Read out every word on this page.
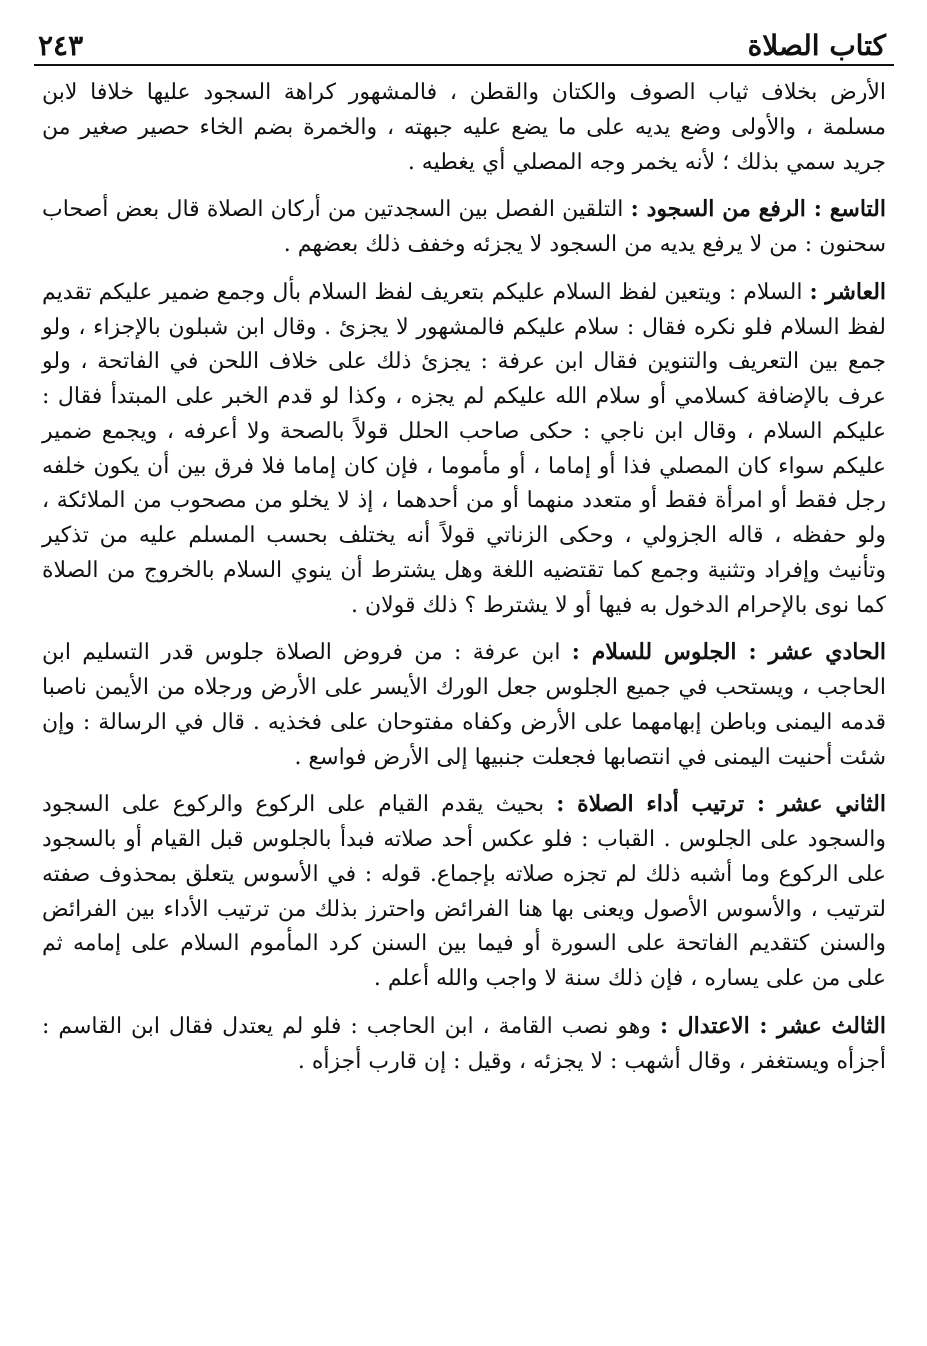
كتاب الصلاة
٢٤٣

الأرض بخلاف ثياب الصوف والكتان والقطن ، فالمشهور كراهة السجود عليها خلافا لابن مسلمة ، والأولى وضع يديه على ما يضع عليه جبهته ، والخمرة بضم الخاء حصير صغير من جريد سمي بذلك ؛ لأنه يخمر وجه المصلي أي يغطيه .

التاسع : الرفع من السجود : التلقين الفصل بين السجدتين من أركان الصلاة قال بعض أصحاب سحنون : من لا يرفع يديه من السجود لا يجزئه وخفف ذلك بعضهم .

العاشر : السلام : ويتعين لفظ السلام عليكم بتعريف لفظ السلام بأل وجمع ضمير عليكم تقديم لفظ السلام فلو نكره فقال : سلام عليكم فالمشهور لا يجزئ . وقال ابن شبلون بالإجزاء ، ولو جمع بين التعريف والتنوين فقال ابن عرفة : يجزئ ذلك على خلاف اللحن في الفاتحة ، ولو عرف بالإضافة كسلامي أو سلام الله عليكم لم يجزه ، وكذا لو قدم الخبر على المبتدأ فقال : عليكم السلام ، وقال ابن ناجي : حكى صاحب الحلل قولاً بالصحة ولا أعرفه ، ويجمع ضمير عليكم سواء كان المصلي فذا أو إماما ، أو مأموما ، فإن كان إماما فلا فرق بين أن يكون خلفه رجل فقط أو امرأة فقط أو متعدد منهما أو من أحدهما ، إذ لا يخلو من مصحوب من الملائكة ، ولو حفظه ، قاله الجزولي ، وحكى الزناتي قولاً أنه يختلف بحسب المسلم عليه من تذكير وتأنيث وإفراد وتثنية وجمع كما تقتضيه اللغة وهل يشترط أن ينوي السلام بالخروج من الصلاة كما نوى بالإحرام الدخول به فيها أو لا يشترط ؟ ذلك قولان .

الحادي عشر : الجلوس للسلام : ابن عرفة : من فروض الصلاة جلوس قدر التسليم ابن الحاجب ، ويستحب في جميع الجلوس جعل الورك الأيسر على الأرض ورجلاه من الأيمن ناصبا قدمه اليمنى وباطن إبهامهما على الأرض وكفاه مفتوحان على فخذيه . قال في الرسالة : وإن شئت أحنيت اليمنى في انتصابها فجعلت جنبيها إلى الأرض فواسع .

الثاني عشر : ترتيب أداء الصلاة : بحيث يقدم القيام على الركوع والركوع على السجود والسجود على الجلوس . القباب : فلو عكس أحد صلاته فبدأ بالجلوس قبل القيام أو بالسجود على الركوع وما أشبه ذلك لم تجزه صلاته بإجماع. قوله : في الأسوس يتعلق بمحذوف صفته لترتيب ، والأسوس الأصول ويعنى بها هنا الفرائض واحترز بذلك من ترتيب الأداء بين الفرائض والسنن كتقديم الفاتحة على السورة أو فيما بين السنن كرد المأموم السلام على إمامه ثم على من على يساره ، فإن ذلك سنة لا واجب والله أعلم .

الثالث عشر : الاعتدال : وهو نصب القامة ، ابن الحاجب : فلو لم يعتدل فقال ابن القاسم : أجزأه ويستغفر ، وقال أشهب : لا يجزئه ، وقيل : إن قارب أجزأه .
